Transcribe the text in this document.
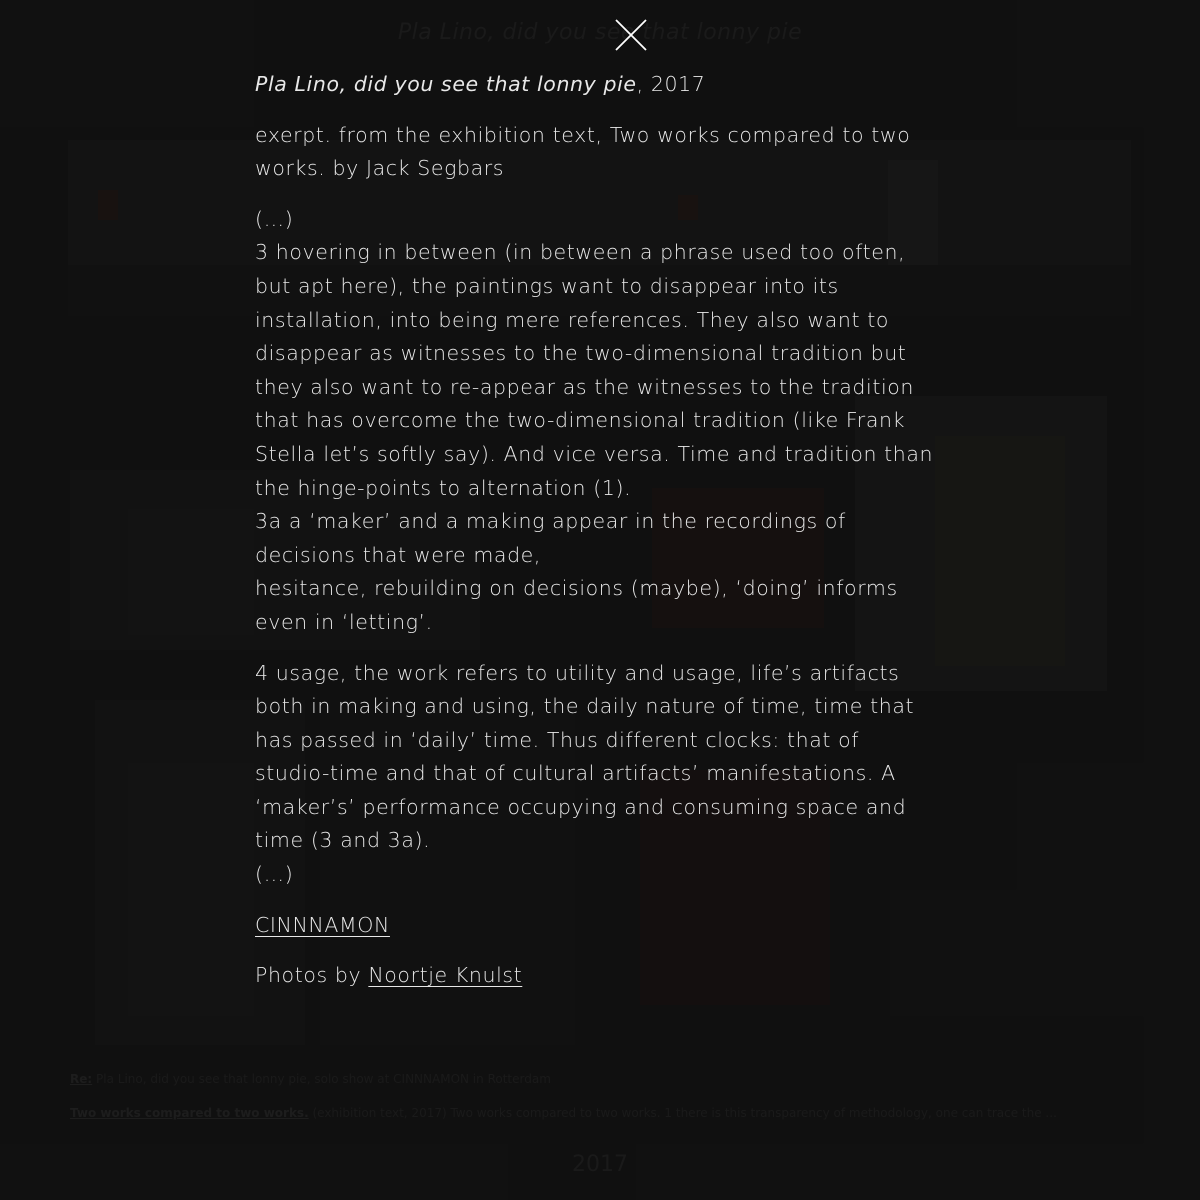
Pla Lino, did you see that lonny pie
Re: Pla Lino, did you see that lonny pie, solo show at CINNNAMON in Rotterdam
Two works compared to two works. (exhibition text, 2017) Two works compared to two works. 1 there is this transparency of methodology, one can trace the ...
2017

Pla Lino, did you see that lonny pie, 2017

exerpt. from the exhibition text, Two works compared to two
works. by Jack Segbars

(…)
3 hovering in between (in between a phrase used too often,
but apt here), the paintings want to disappear into its
installation, into being mere references. They also want to
disappear as witnesses to the two-dimensional tradition but
they also want to re-appear as the witnesses to the tradition
that has overcome the two-dimensional tradition (like Frank
Stella let’s softly say). And vice versa. Time and tradition than
the hinge-points to alternation (1).
3a a ‘maker’ and a making appear in the recordings of
decisions that were made,
hesitance, rebuilding on decisions (maybe), ‘doing’ informs
even in ‘letting’.

4 usage, the work refers to utility and usage, life’s artifacts
both in making and using, the daily nature of time, time that
has passed in ‘daily’ time. Thus different clocks: that of
studio-time and that of cultural artifacts’ manifestations. A
‘maker’s’ performance occupying and consuming space and
time (3 and 3a).
(…)

CINNNAMON

Photos by Noortje Knulst
